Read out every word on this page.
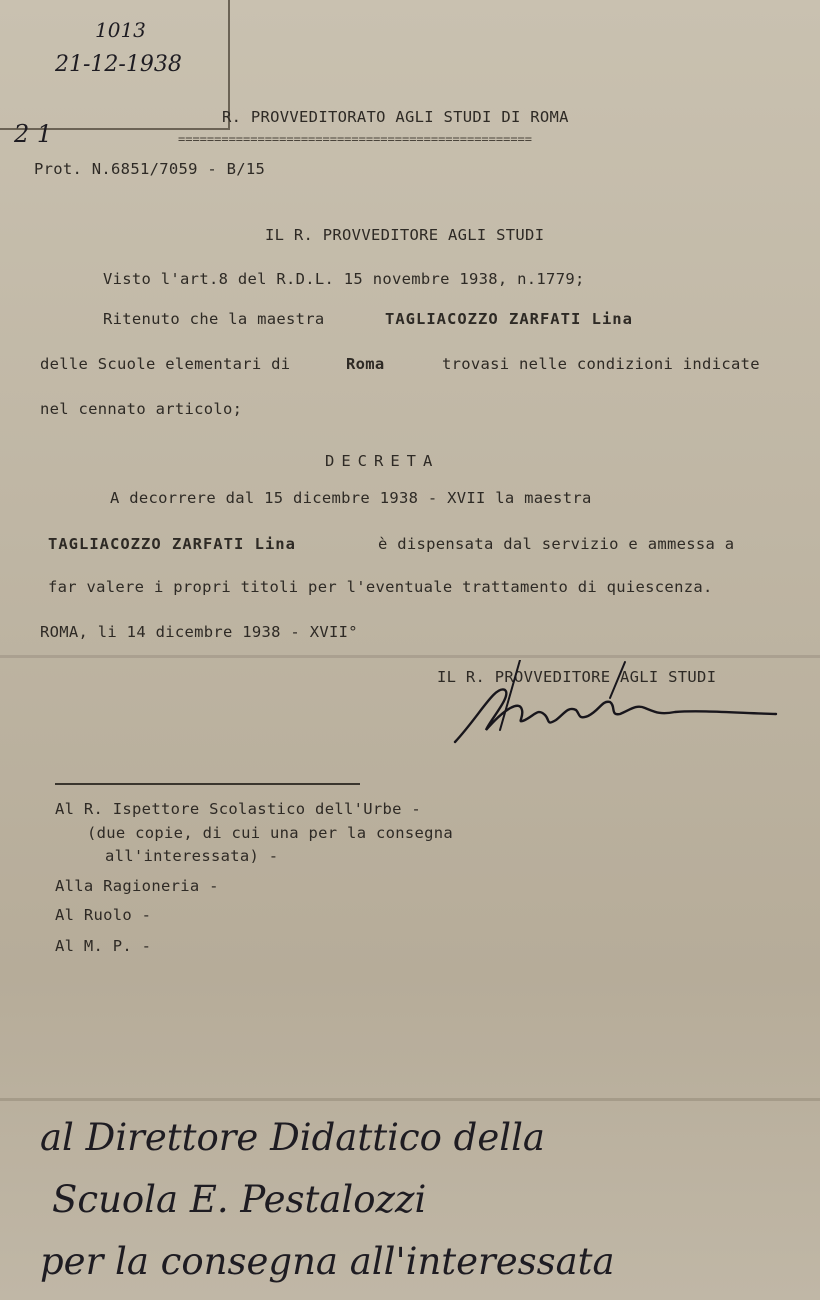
1013
21-12-1938
2 1
R. PROVVEDITORATO AGLI STUDI DI ROMA
=================================================
Prot. N.6851/7059 - B/15
IL R. PROVVEDITORE AGLI STUDI
Visto l'art.8 del R.D.L. 15 novembre 1938, n.1779;
Ritenuto che la maestra	TAGLIACOZZO ZARFATI Lina
delle Scuole elementari di	Roma	trovasi nelle condizioni indicate
nel cennato articolo;
DECRETA
A decorrere dal 15 dicembre 1938 - XVII la maestra
TAGLIACOZZO ZARFATI Lina	è dispensata dal servizio e ammessa a
far valere i propri titoli per l'eventuale trattamento di quiescenza.
ROMA, li 14 dicembre 1938 - XVII°
IL R. PROVVEDITORE AGLI STUDI
Al R. Ispettore Scolastico dell'Urbe -
(due copie, di cui una per la consegna
all'interessata) -
Alla Ragioneria -
Al Ruolo -
Al M. P. -
al Direttore Didattico della
Scuola E. Pestalozzi
per la consegna all'interessata
